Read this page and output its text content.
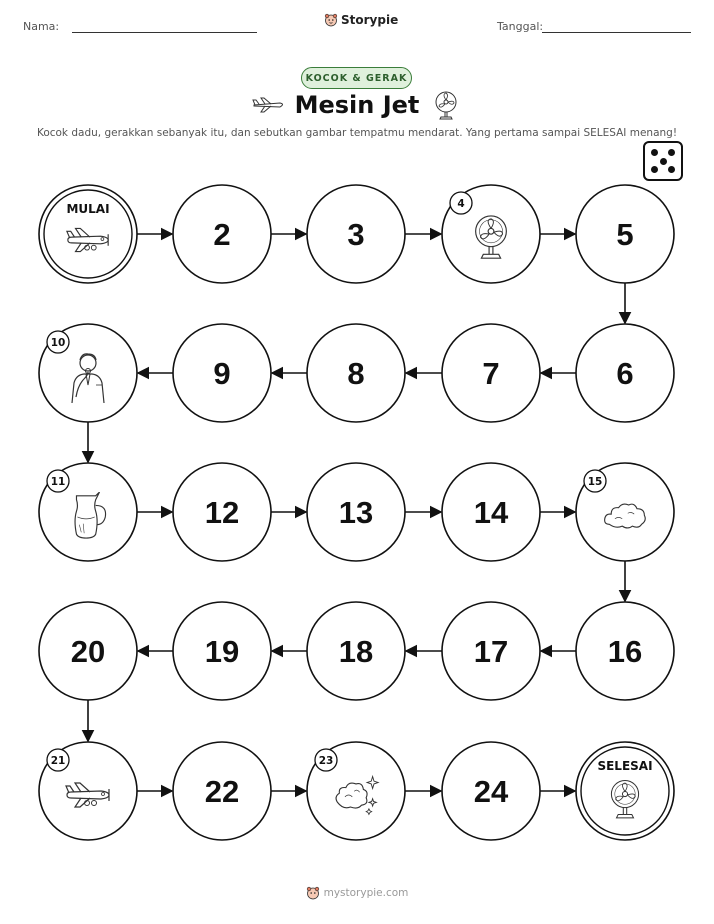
Nama:	Storypie	Tanggal:
KOCOK & GERAK
Mesin Jet
Kocok dadu, gerakkan sebanyak itu, dan sebutkan gambar tempatmu mendarat. Yang pertama sampai SELESAI menang!
MULAI
2	3
4
5
6
7
8
9
10
11
12	13	14
15
16
17
18
19
20
21
22
23
24
SELESAI
mystorypie.com
